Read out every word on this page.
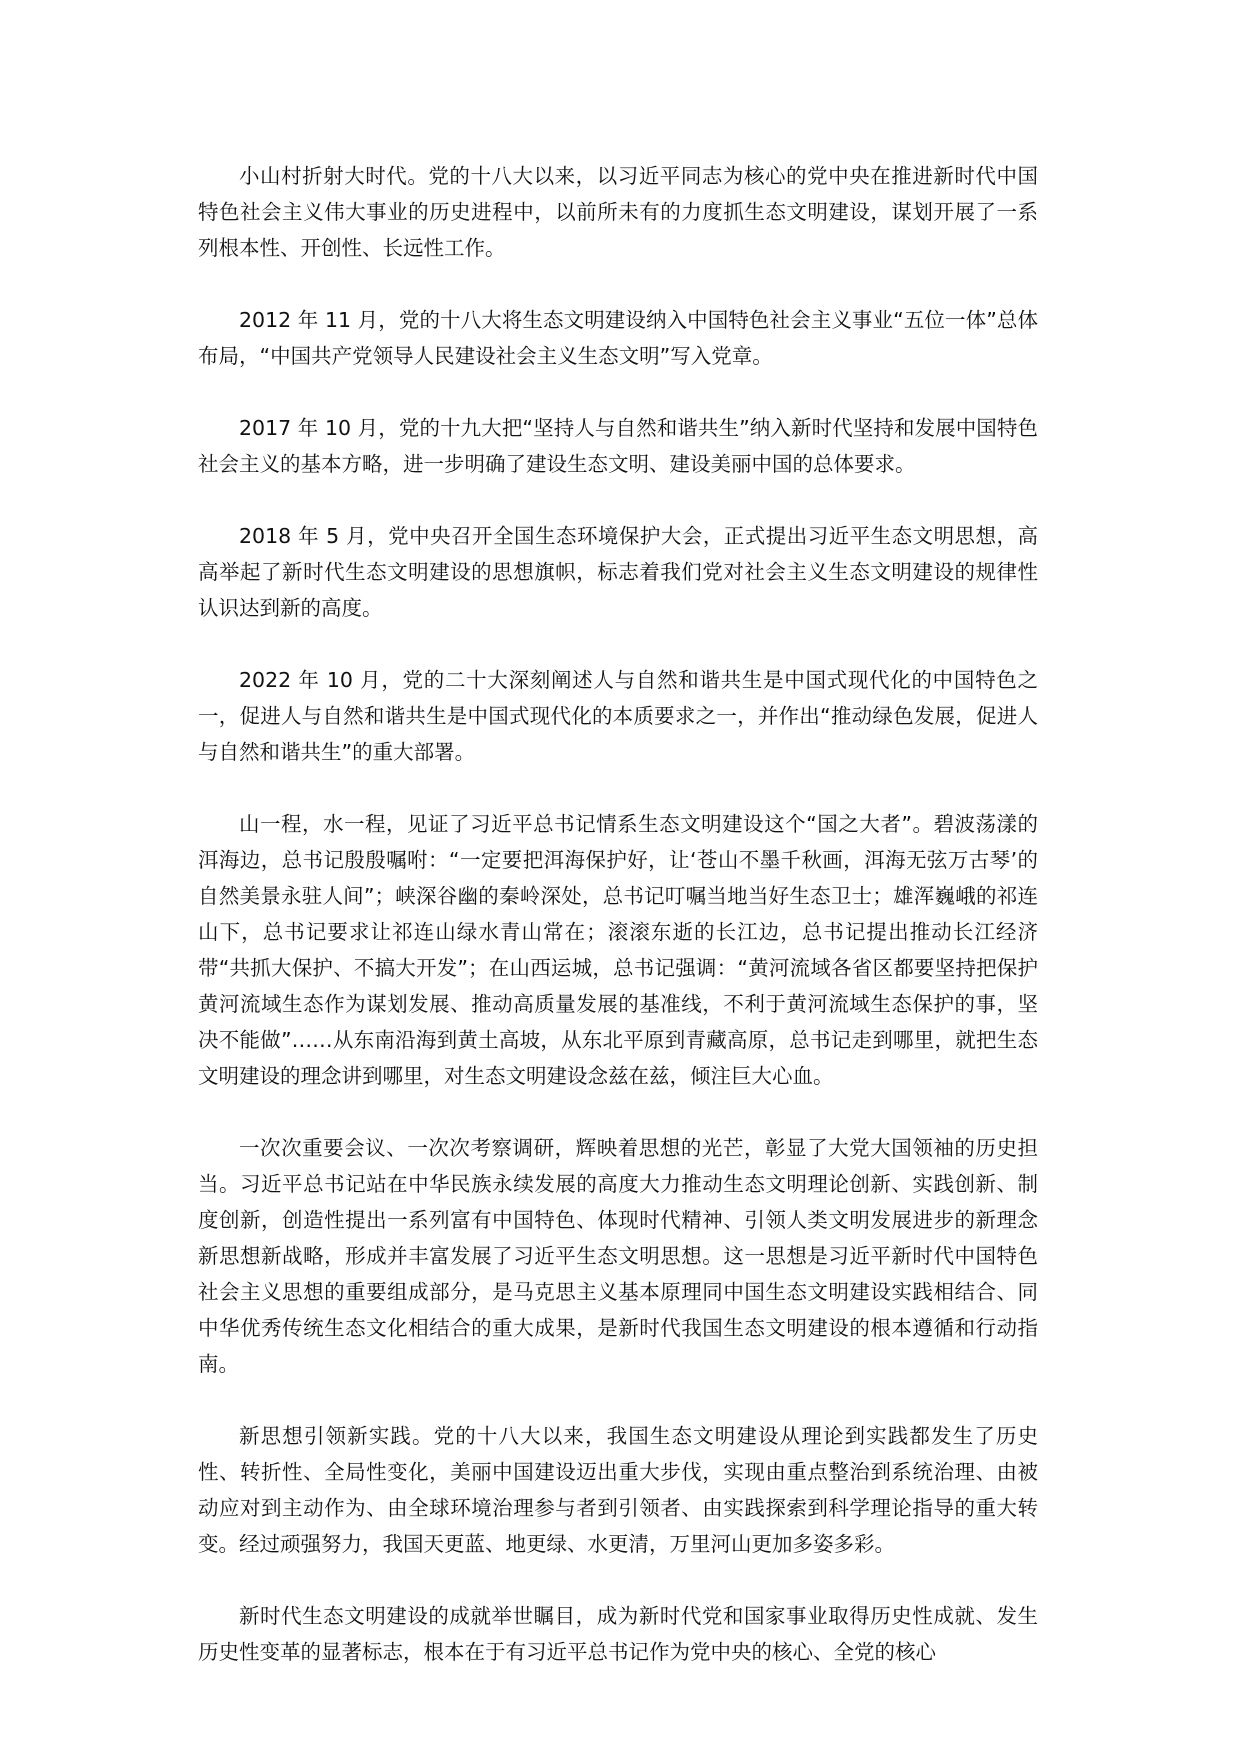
小山村折射大时代。党的十八大以来，以习近平同志为核心的党中央在推进新时代中国特色社会主义伟大事业的历史进程中，以前所未有的力度抓生态文明建设，谋划开展了一系列根本性、开创性、长远性工作。

2012 年 11 月，党的十八大将生态文明建设纳入中国特色社会主义事业“五位一体”总体布局，“中国共产党领导人民建设社会主义生态文明”写入党章。

2017 年 10 月，党的十九大把“坚持人与自然和谐共生”纳入新时代坚持和发展中国特色社会主义的基本方略，进一步明确了建设生态文明、建设美丽中国的总体要求。

2018 年 5 月，党中央召开全国生态环境保护大会，正式提出习近平生态文明思想，高高举起了新时代生态文明建设的思想旗帜，标志着我们党对社会主义生态文明建设的规律性认识达到新的高度。

2022 年 10 月，党的二十大深刻阐述人与自然和谐共生是中国式现代化的中国特色之一，促进人与自然和谐共生是中国式现代化的本质要求之一，并作出“推动绿色发展，促进人与自然和谐共生”的重大部署。

山一程，水一程，见证了习近平总书记情系生态文明建设这个“国之大者”。碧波荡漾的洱海边，总书记殷殷嘱咐：“一定要把洱海保护好，让‘苍山不墨千秋画，洱海无弦万古琴’的自然美景永驻人间”；峡深谷幽的秦岭深处，总书记叮嘱当地当好生态卫士；雄浑巍峨的祁连山下，总书记要求让祁连山绿水青山常在；滚滚东逝的长江边，总书记提出推动长江经济带“共抓大保护、不搞大开发”；在山西运城，总书记强调：“黄河流域各省区都要坚持把保护黄河流域生态作为谋划发展、推动高质量发展的基准线，不利于黄河流域生态保护的事，坚决不能做”……从东南沿海到黄土高坡，从东北平原到青藏高原，总书记走到哪里，就把生态文明建设的理念讲到哪里，对生态文明建设念兹在兹，倾注巨大心血。

一次次重要会议、一次次考察调研，辉映着思想的光芒，彰显了大党大国领袖的历史担当。习近平总书记站在中华民族永续发展的高度大力推动生态文明理论创新、实践创新、制度创新，创造性提出一系列富有中国特色、体现时代精神、引领人类文明发展进步的新理念新思想新战略，形成并丰富发展了习近平生态文明思想。这一思想是习近平新时代中国特色社会主义思想的重要组成部分，是马克思主义基本原理同中国生态文明建设实践相结合、同中华优秀传统生态文化相结合的重大成果，是新时代我国生态文明建设的根本遵循和行动指南。

新思想引领新实践。党的十八大以来，我国生态文明建设从理论到实践都发生了历史性、转折性、全局性变化，美丽中国建设迈出重大步伐，实现由重点整治到系统治理、由被动应对到主动作为、由全球环境治理参与者到引领者、由实践探索到科学理论指导的重大转变。经过顽强努力，我国天更蓝、地更绿、水更清，万里河山更加多姿多彩。

新时代生态文明建设的成就举世瞩目，成为新时代党和国家事业取得历史性成就、发生历史性变革的显著标志，根本在于有习近平总书记作为党中央的核心、全党的核心
